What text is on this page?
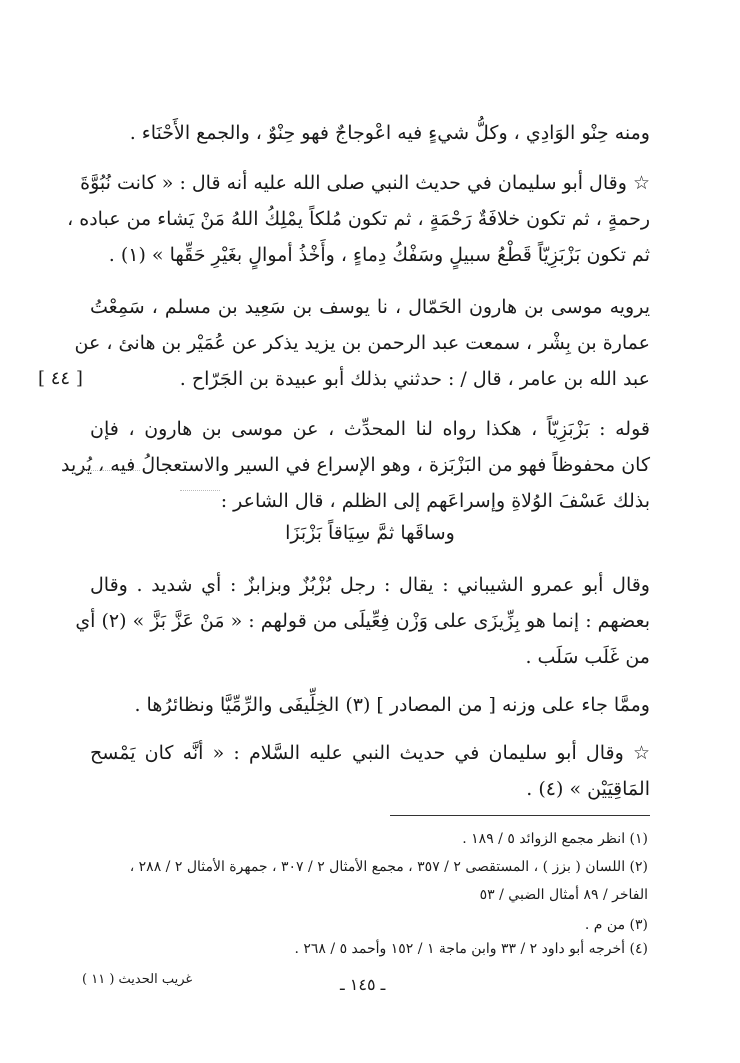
ومنه حِنْو الوَادِي ، وكلُّ شيءٍ فيه اعْوجاجٌ فهو حِنْوٌ ، والجمع الأَحْنَاء .
☆ وقال أبو سليمان في حديث النبي صلى الله عليه أنه قال : « كانت نُبُوَّةَ
رحمةٍ ، ثم تكون خلافَةٌ رَحْمَةٍ ، ثم تكون مُلكاً يمْلِكُ اللهُ مَنْ يَشاء من عباده ،
ثم تكون بَزْبَزِيّاً قَطْعُ سبيلٍ وسَفْكُ دِماءٍ ، وأَخْذُ أموالٍ بغَيْرِ حَقِّها » (١) .
يرويه موسى بن هارون الحَمّال ، نا يوسف بن سَعِيد بن مسلم ، سَمِعْتُ
عمارة بن بِشْر ، سمعت عبد الرحمن بن يزيد يذكر عن عُمَيْر بن هانئ ، عن
عبد الله بن عامر ، قال / : حدثني بذلك أبو عبيدة بن الجَرّاح .
[ ٤٤ ]
قوله : بَزْبَزِيّاً ، هكذا رواه لنا المحدِّث ، عن موسى بن هارون ، فإن
كان محفوظاً فهو من البَزْبَزة ، وهو الإسراع في السير والاستعجالُ فيه ، يُريد
بذلك عَسْفَ الوُلاةِ وإسراعَهم إلى الظلم ، قال الشاعر :
وساقَها ثمَّ سِيَاقاً بَزْبَزَا
وقال أبو عمرو الشيباني : يقال : رجل بُزْبُزٌ وبزابزٌ : أي شديد . وقال
بعضهم : إنما هو بِزِّيزَى على وَزْن فِعِّيلَى من قولهم : « مَنْ عَزَّ بَزَّ » (٢) أي
من غَلَب سَلَب .
وممَّا جاء على وزنه [ من المصادر ] (٣) الخِلِّيفَى والرِّمِّيَّا ونظائرُها .
☆ وقال أبو سليمان في حديث النبي عليه السَّلام : « أنَّه كان يَمْسح
المَاقِيَيْن » (٤) .
(١) انظر مجمع الزوائد ٥ / ١٨٩ .
(٢) اللسان ( بزز ) ، المستقصى ٢ / ٣٥٧ ، مجمع الأمثال ٢ / ٣٠٧ ، جمهرة الأمثال ٢ / ٢٨٨ ،
الفاخر / ٨٩ أمثال الضبي / ٥٣
(٣) من م .
(٤) أخرجه أبو داود ٢ / ٣٣ وابن ماجة ١ / ١٥٢ وأحمد ٥ / ٢٦٨ .
غريب الحديث ( ١١ )	ـ ١٤٥ ـ
